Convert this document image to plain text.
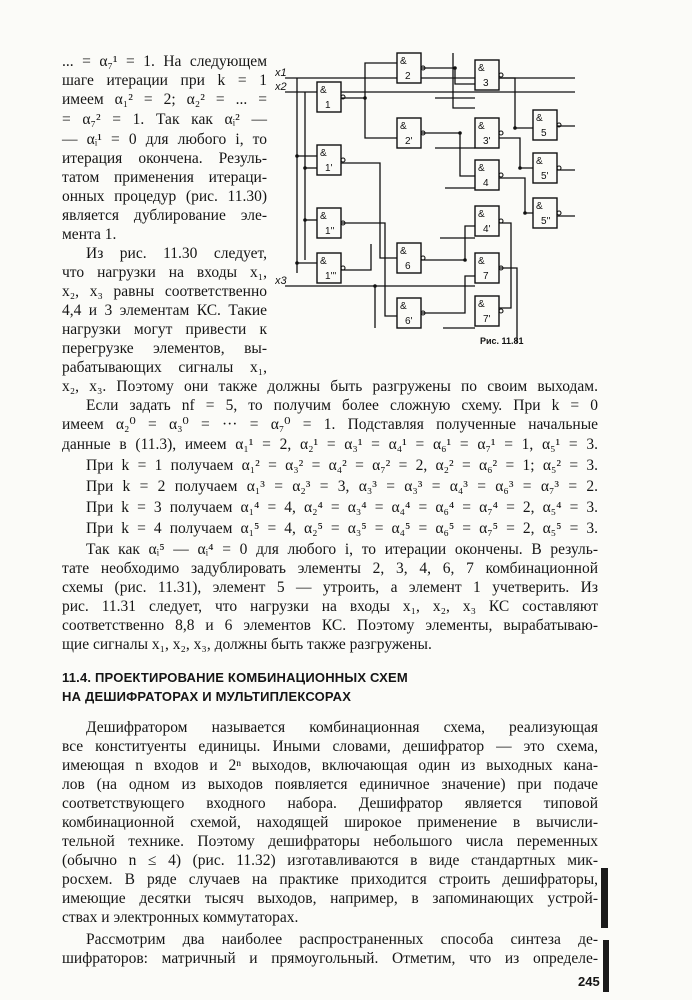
... = α₇¹ = 1. На следующем
шаге итерации при k = 1
имеем α₁² = 2; α₂² = ... =
= α₇² = 1. Так как αᵢ² —
— αᵢ¹ = 0 для любого i, то
итерация окончена. Резуль-
татом применения итераци-
онных процедур (рис. 11.30)
является дублирование эле-
мента 1.
Из рис. 11.30 следует,
что нагрузки на входы x₁,
x₂, x₃ равны соответственно
4,4 и 3 элементам КС. Такие
нагрузки могут привести к
перегрузке элементов, вы-
рабатывающих сигналы x₁,
&
1
&
1'
&
1''
&
1'''
&
2
&
2'
&
6
&
6'
&
3
&
3'
&
4
&
4'
&
7
&
7'
&
5
&
5'
&
5''
x1
x2
x3
Рис. 11.81
x₂, x₃. Поэтому они также должны быть разгружены по своим выходам.
Если задать nf = 5, то получим более сложную схему. При k = 0
имеем α₂⁰ = α₃⁰ = ··· = α₇⁰ = 1. Подставляя полученные начальные
данные в (11.3), имеем α₁¹ = 2, α₂¹ = α₃¹ = α₄¹ = α₆¹ = α₇¹ = 1, α₅¹ = 3.
При k = 1 получаем α₁² = α₃² = α₄² = α₇² = 2, α₂² = α₆² = 1; α₅² = 3.
При k = 2 получаем α₁³ = α₂³ = 3, α₃³ = α₃³ = α₄³ = α₆³ = α₇³ = 2.
При k = 3 получаем α₁⁴ = 4, α₂⁴ = α₃⁴ = α₄⁴ = α₆⁴ = α₇⁴ = 2, α₅⁴ = 3.
При k = 4 получаем α₁⁵ = 4, α₂⁵ = α₃⁵ = α₄⁵ = α₆⁵ = α₇⁵ = 2, α₅⁵ = 3.
Так как αᵢ⁵ — αᵢ⁴ = 0 для любого i, то итерации окончены. В резуль-
тате необходимо задублировать элементы 2, 3, 4, 6, 7 комбинационной
схемы (рис. 11.31), элемент 5 — утроить, а элемент 1 учетверить. Из
рис. 11.31 следует, что нагрузки на входы x₁, x₂, x₃ КС составляют
соответственно 8,8 и 6 элементов КС. Поэтому элементы, вырабатываю-
щие сигналы x₁, x₂, x₃, должны быть также разгружены.
11.4. ПРОЕКТИРОВАНИЕ КОМБИНАЦИОННЫХ СХЕМ
НА ДЕШИФРАТОРАХ И МУЛЬТИПЛЕКСОРАХ
Дешифратором называется комбинационная схема, реализующая
все конституенты единицы. Иными словами, дешифратор — это схема,
имеющая n входов и 2ⁿ выходов, включающая один из выходных кана-
лов (на одном из выходов появляется единичное значение) при подаче
соответствующего входного набора. Дешифратор является типовой
комбинационной схемой, находящей широкое применение в вычисли-
тельной технике. Поэтому дешифраторы небольшого числа переменных
(обычно n ≤ 4) (рис. 11.32) изготавливаются в виде стандартных мик-
росхем. В ряде случаев на практике приходится строить дешифраторы,
имеющие десятки тысяч выходов, например, в запоминающих устрой-
ствах и электронных коммутаторах.
Рассмотрим два наиболее распространенных способа синтеза де-
шифраторов: матричный и прямоугольный. Отметим, что из определе-
245
